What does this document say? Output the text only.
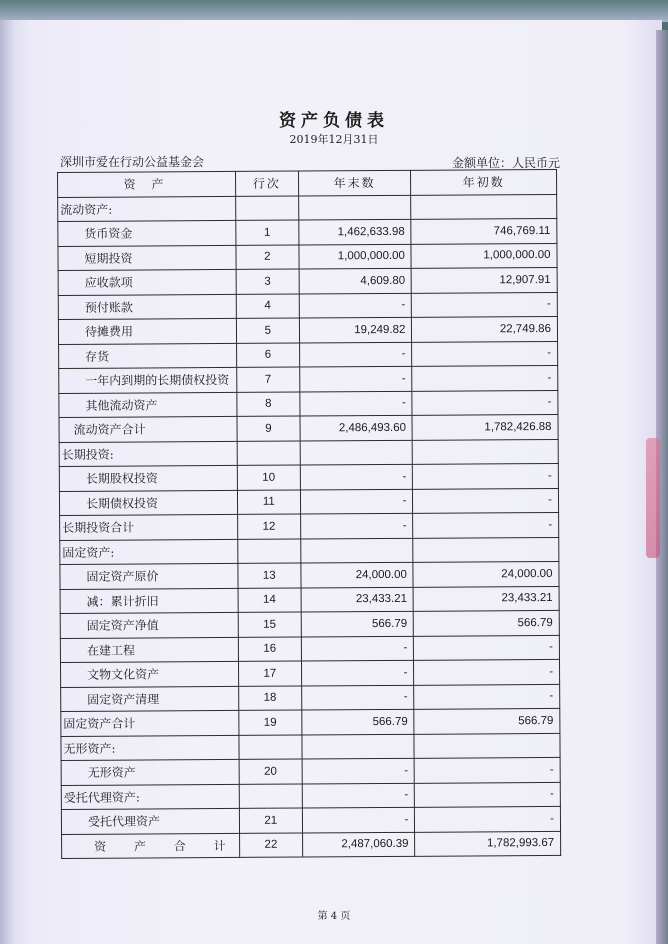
资产负债表
2019年12月31日
深圳市爱在行动公益基金会	金额单位：人民币元
资 产	行次	年末数	年初数
流动资产:			
货币资金	1	1,462,633.98	746,769.11
短期投资	2	1,000,000.00	1,000,000.00
应收款项	3	4,609.80	12,907.91
预付账款	4	-	-
待摊费用	5	19,249.82	22,749.86
存货	6	-	-
一年内到期的长期债权投资	7	-	-
其他流动资产	8	-	-
流动资产合计	9	2,486,493.60	1,782,426.88
长期投资:			
长期股权投资	10	-	-
长期债权投资	11	-	-
长期投资合计	12	-	-
固定资产:			
固定资产原价	13	24,000.00	24,000.00
减：累计折旧	14	23,433.21	23,433.21
固定资产净值	15	566.79	566.79
在建工程	16	-	-
文物文化资产	17	-	-
固定资产清理	18	-	-
固定资产合计	19	566.79	566.79
无形资产:			
无形资产	20	-	-
受托代理资产:		-	-
受托代理资产	21	-	-
资 产 合 计	22	2,487,060.39	1,782,993.67
第 4 页
